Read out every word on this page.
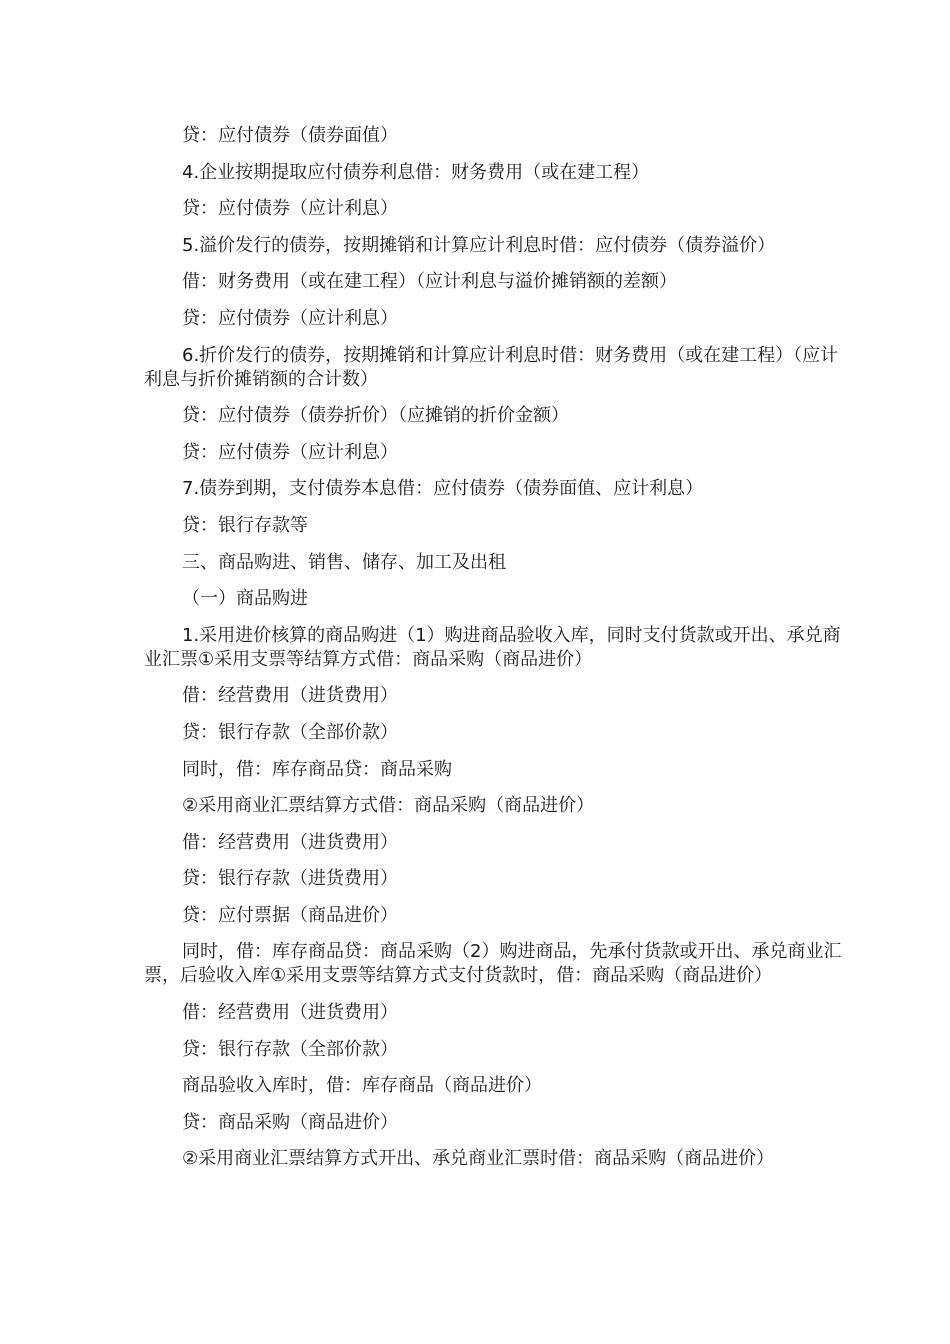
贷：应付债券（债券面值）

4.企业按期提取应付债券利息借：财务费用（或在建工程）

贷：应付债券（应计利息）

5.溢价发行的债券，按期摊销和计算应计利息时借：应付债券（债券溢价）

借：财务费用（或在建工程）（应计利息与溢价摊销额的差额）

贷：应付债券（应计利息）

6.折价发行的债券，按期摊销和计算应计利息时借：财务费用（或在建工程）（应计利息与折价摊销额的合计数）

贷：应付债券（债券折价）（应摊销的折价金额）

贷：应付债券（应计利息）

7.债券到期，支付债券本息借：应付债券（债券面值、应计利息）

贷：银行存款等

三、商品购进、销售、储存、加工及出租

（一）商品购进

1.采用进价核算的商品购进（1）购进商品验收入库，同时支付货款或开出、承兑商业汇票①采用支票等结算方式借：商品采购（商品进价）

借：经营费用（进货费用）

贷：银行存款（全部价款）

同时，借：库存商品贷：商品采购

②采用商业汇票结算方式借：商品采购（商品进价）

借：经营费用（进货费用）

贷：银行存款（进货费用）

贷：应付票据（商品进价）

同时，借：库存商品贷：商品采购（2）购进商品，先承付货款或开出、承兑商业汇票，后验收入库①采用支票等结算方式支付货款时，借：商品采购（商品进价）

借：经营费用（进货费用）

贷：银行存款（全部价款）

商品验收入库时，借：库存商品（商品进价）

贷：商品采购（商品进价）

②采用商业汇票结算方式开出、承兑商业汇票时借：商品采购（商品进价）
